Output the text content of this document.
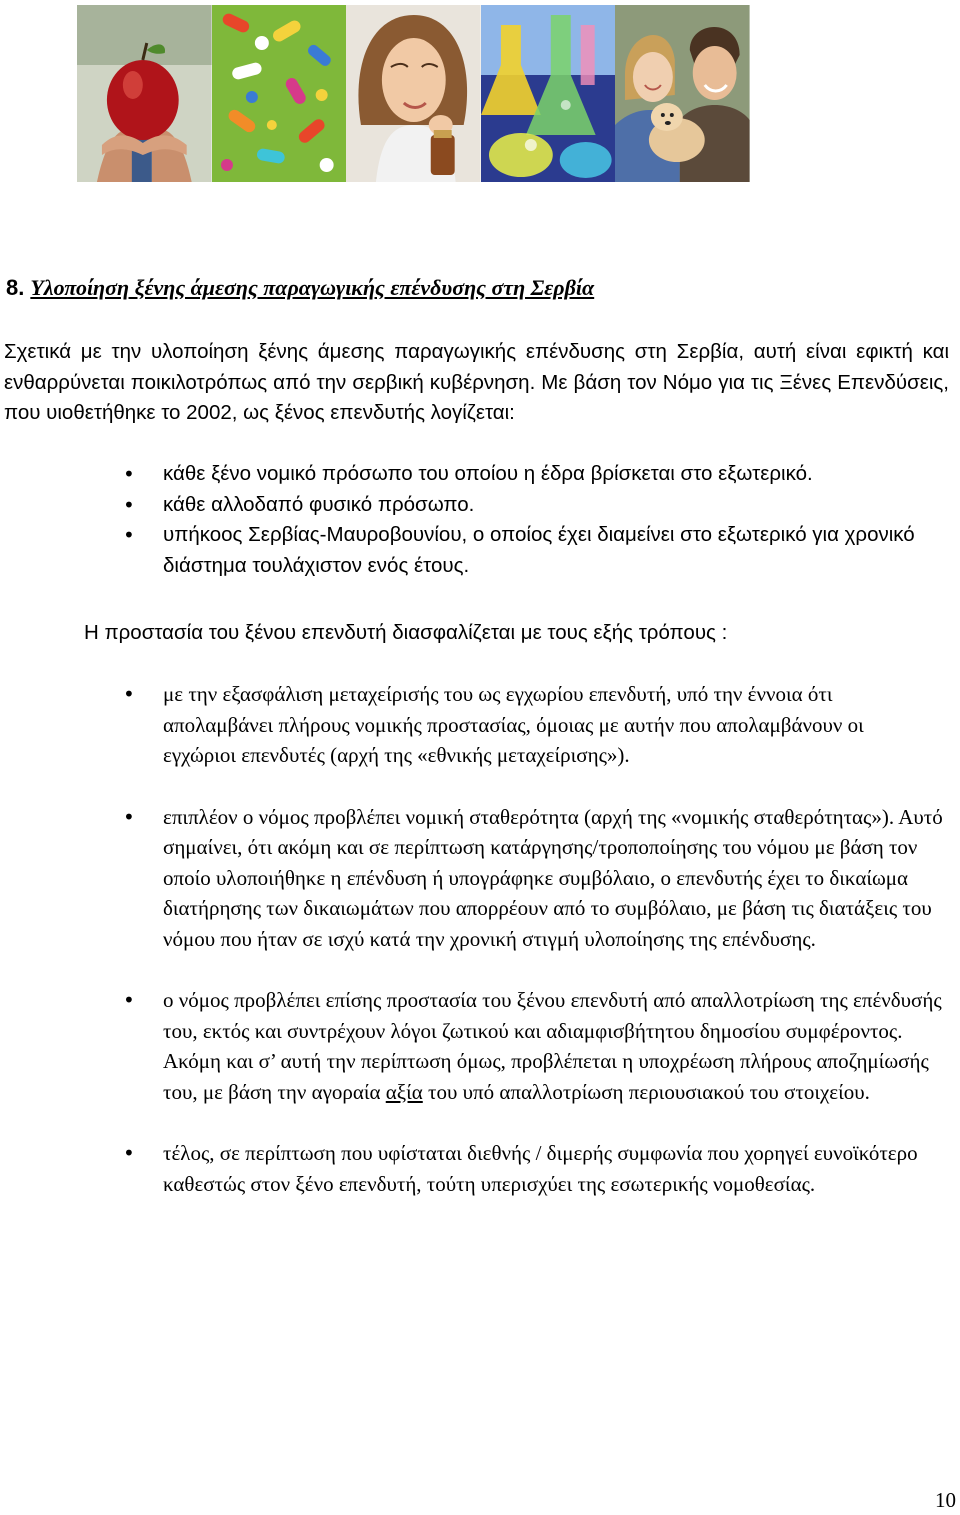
8. Υλοποίηση ξένης άμεσης παραγωγικής επένδυσης στη Σερβία

Σχετικά με την υλοποίηση ξένης άμεσης παραγωγικής επένδυσης στη Σερβία, αυτή είναι εφικτή και ενθαρρύνεται ποικιλοτρόπως από την σερβική κυβέρνηση. Με βάση τον Νόμο για τις Ξένες Επενδύσεις, που υιοθετήθηκε το 2002, ως ξένος επενδυτής λογίζεται:

• κάθε ξένο νομικό πρόσωπο του οποίου η έδρα βρίσκεται στο εξωτερικό.
• κάθε αλλοδαπό φυσικό πρόσωπο.
• υπήκοος Σερβίας-Μαυροβουνίου, ο οποίος έχει διαμείνει στο εξωτερικό για χρονικό διάστημα τουλάχιστον ενός έτους.

Η προστασία του ξένου επενδυτή διασφαλίζεται με τους εξής τρόπους :

• με την εξασφάλιση μεταχείρισής του ως εγχωρίου επενδυτή, υπό την έννοια ότι απολαμβάνει πλήρους νομικής προστασίας, όμοιας με αυτήν που απολαμβάνουν οι εγχώριοι επενδυτές (αρχή της «εθνικής μεταχείρισης»).
• επιπλέον ο νόμος προβλέπει νομική σταθερότητα (αρχή της «νομικής σταθερότητας»). Αυτό σημαίνει, ότι ακόμη και σε περίπτωση κατάργησης/τροποποίησης του νόμου με βάση τον οποίο υλοποιήθηκε η επένδυση ή υπογράφηκε συμβόλαιο, ο επενδυτής έχει το δικαίωμα διατήρησης των δικαιωμάτων που απορρέουν από το συμβόλαιο, με βάση τις διατάξεις του νόμου που ήταν σε ισχύ κατά την χρονική στιγμή υλοποίησης της επένδυσης.
• ο νόμος προβλέπει επίσης προστασία του ξένου επενδυτή από απαλλοτρίωση της επένδυσής του, εκτός και συντρέχουν λόγοι ζωτικού και αδιαμφισβήτητου δημοσίου συμφέροντος. Ακόμη και σ’ αυτή την περίπτωση όμως, προβλέπεται η υποχρέωση πλήρους αποζημίωσής του, με βάση την αγοραία αξία του υπό απαλλοτρίωση περιουσιακού του στοιχείου.
• τέλος, σε περίπτωση που υφίσταται διεθνής / διμερής συμφωνία που χορηγεί ευνοϊκότερο καθεστώς στον ξένο επενδυτή, τούτη υπερισχύει της εσωτερικής νομοθεσίας.
10
